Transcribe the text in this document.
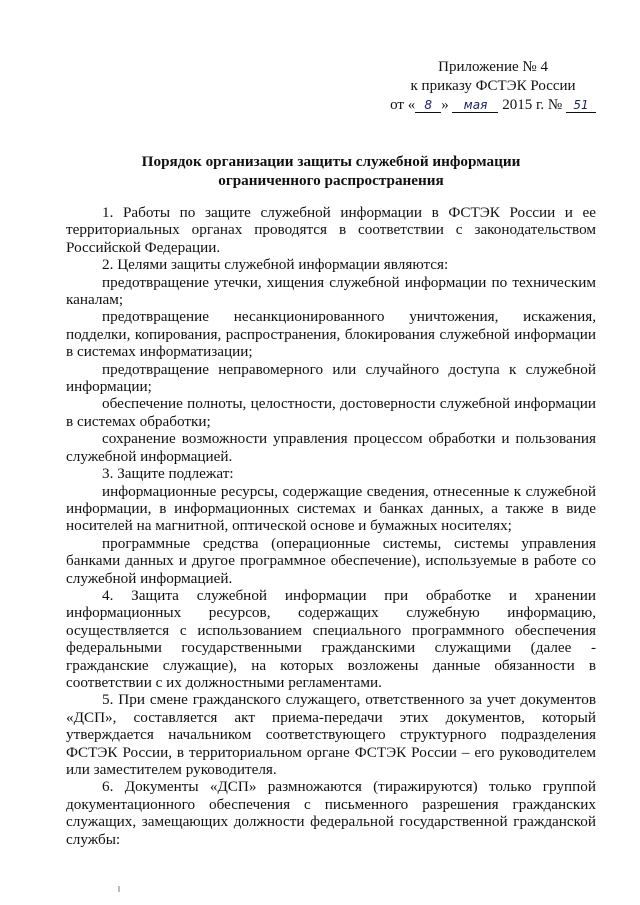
Приложение № 4
к приказу ФСТЭК России
от « 8 » мая 2015 г. № 51
Порядок организации защиты служебной информации
ограниченного распространения

1. Работы по защите служебной информации в ФСТЭК России и ее территориальных органах проводятся в соответствии с законодательством Российской Федерации.

2. Целями защиты служебной информации являются:

предотвращение утечки, хищения служебной информации по техническим каналам;

предотвращение несанкционированного уничтожения, искажения, подделки, копирования, распространения, блокирования служебной информации в системах информатизации;

предотвращение неправомерного или случайного доступа к служебной информации;

обеспечение полноты, целостности, достоверности служебной информации в системах обработки;

сохранение возможности управления процессом обработки и пользования служебной информацией.

3. Защите подлежат:

информационные ресурсы, содержащие сведения, отнесенные к служебной информации, в информационных системах и банках данных, а также в виде носителей на магнитной, оптической основе и бумажных носителях;

программные средства (операционные системы, системы управления банками данных и другое программное обеспечение), используемые в работе со служебной информацией.

4. Защита служебной информации при обработке и хранении информационных ресурсов, содержащих служебную информацию, осуществляется с использованием специального программного обеспечения федеральными государственными гражданскими служащими (далее - гражданские служащие), на которых возложены данные обязанности в соответствии с их должностными регламентами.

5. При смене гражданского служащего, ответственного за учет документов «ДСП», составляется акт приема-передачи этих документов, который утверждается начальником соответствующего структурного подразделения ФСТЭК России, в территориальном органе ФСТЭК России – его руководителем или заместителем руководителя.

6. Документы «ДСП» размножаются (тиражируются) только группой документационного обеспечения с письменного разрешения гражданских служащих, замещающих должности федеральной государственной гражданской службы:
